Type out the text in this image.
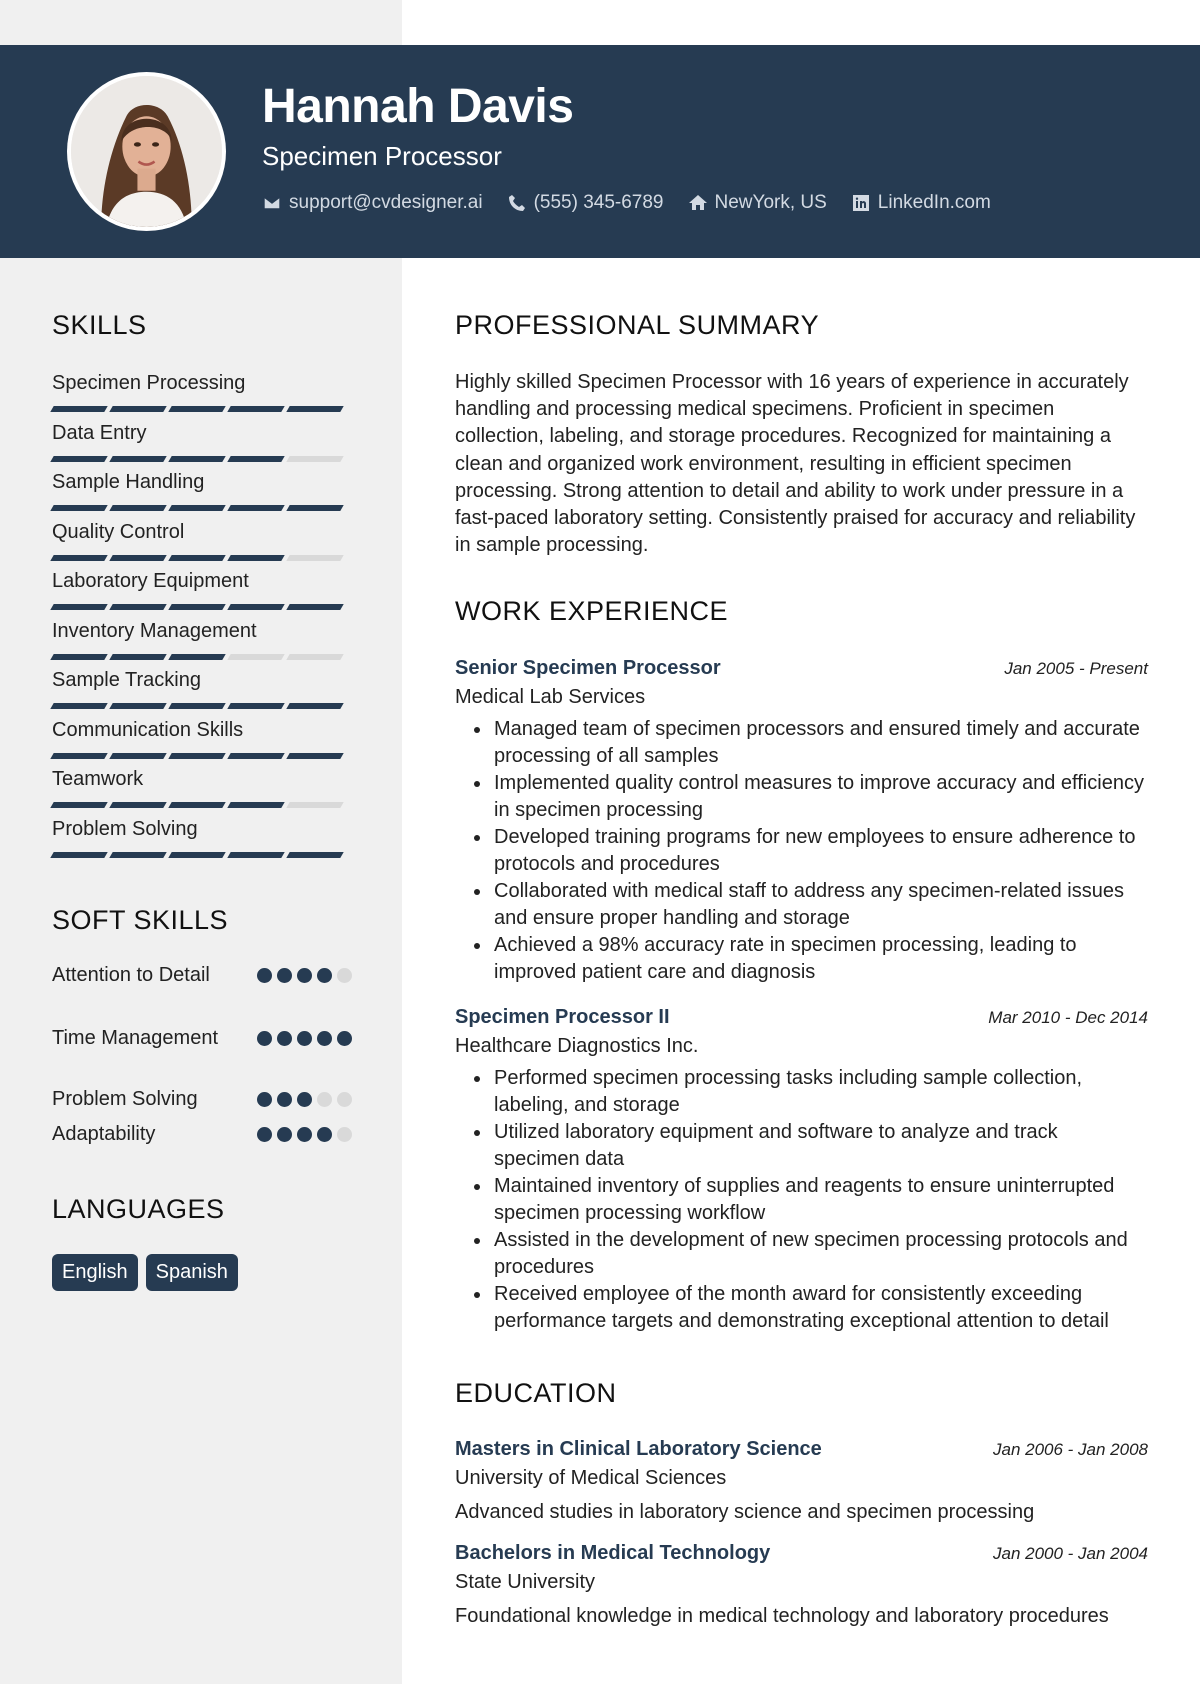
Hannah Davis
Specimen Processor
support@cvdesigner.ai	(555) 345-6789	NewYork, US	LinkedIn.com
SKILLS
Specimen Processing
Data Entry
Sample Handling
Quality Control
Laboratory Equipment
Inventory Management
Sample Tracking
Communication Skills
Teamwork
Problem Solving
SOFT SKILLS
Attention to Detail
Time Management
Problem Solving
Adaptability
LANGUAGES
English	Spanish
PROFESSIONAL SUMMARY

Highly skilled Specimen Processor with 16 years of experience in accurately handling and processing medical specimens. Proficient in specimen collection, labeling, and storage procedures. Recognized for maintaining a clean and organized work environment, resulting in efficient specimen processing. Strong attention to detail and ability to work under pressure in a fast-paced laboratory setting. Consistently praised for accuracy and reliability in sample processing.

WORK EXPERIENCE
Senior Specimen Processor	Jan 2005 - Present
Medical Lab Services
• Managed team of specimen processors and ensured timely and accurate processing of all samples
• Implemented quality control measures to improve accuracy and efficiency in specimen processing
• Developed training programs for new employees to ensure adherence to protocols and procedures
• Collaborated with medical staff to address any specimen-related issues and ensure proper handling and storage
• Achieved a 98% accuracy rate in specimen processing, leading to improved patient care and diagnosis
Specimen Processor II	Mar 2010 - Dec 2014
Healthcare Diagnostics Inc.
• Performed specimen processing tasks including sample collection, labeling, and storage
• Utilized laboratory equipment and software to analyze and track specimen data
• Maintained inventory of supplies and reagents to ensure uninterrupted specimen processing workflow
• Assisted in the development of new specimen processing protocols and procedures
• Received employee of the month award for consistently exceeding performance targets and demonstrating exceptional attention to detail
EDUCATION
Masters in Clinical Laboratory Science	Jan 2006 - Jan 2008
University of Medical Sciences
Advanced studies in laboratory science and specimen processing
Bachelors in Medical Technology	Jan 2000 - Jan 2004
State University
Foundational knowledge in medical technology and laboratory procedures
